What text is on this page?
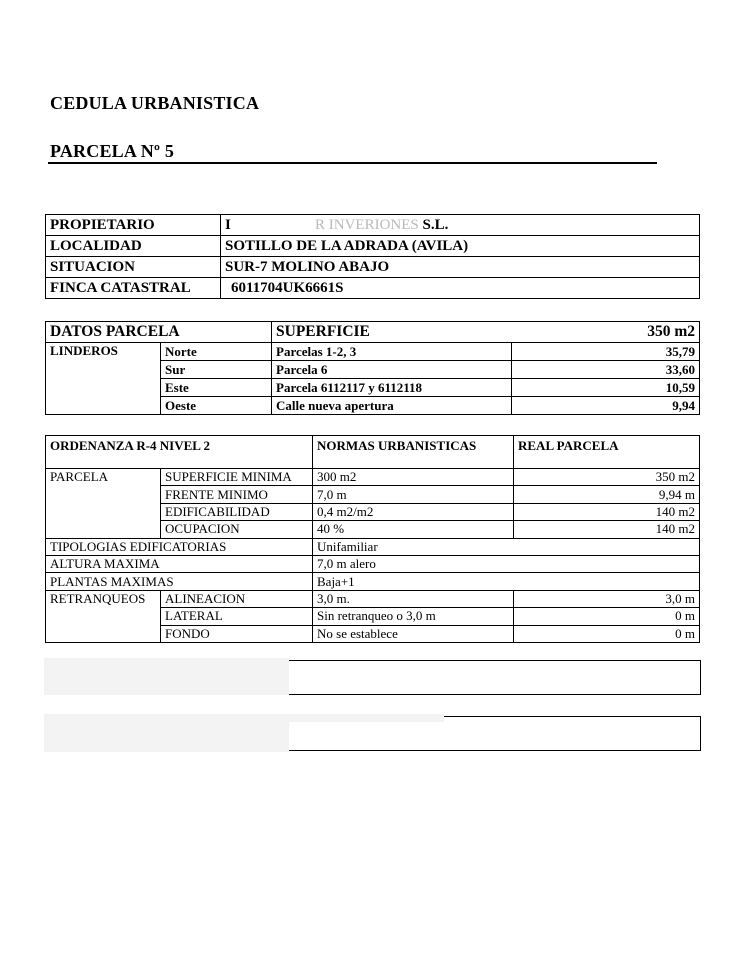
CEDULA URBANISTICA
PARCELA Nº 5
PROPIETARIO	I R INVERIONES S.L.
LOCALIDAD	SOTILLO DE LA ADRADA (AVILA)
SITUACION	SUR-7 MOLINO ABAJO
FINCA CATASTRAL	6011704UK6661S
DATOS PARCELA		SUPERFICIE 350 m2	

LINDEROS	Norte	Parcelas 1-2, 3	35,79
	Sur	Parcela 6	33,60
	Este	Parcela 6112117 y 6112118	10,59
	Oeste	Calle nueva apertura	9,94
ORDENANZA R-4 NIVEL 2		NORMAS URBANISTICAS	REAL PARCELA
PARCELA	SUPERFICIE MINIMA	300 m2	350 m2
	FRENTE MINIMO	7,0 m	9,94 m
	EDIFICABILIDAD	0,4 m2/m2	140 m2
	OCUPACION	40 %	140 m2
TIPOLOGIAS EDIFICATORIAS		Unifamiliar	
ALTURA MAXIMA		7,0 m alero	
PLANTAS MAXIMAS		Baja+1	
RETRANQUEOS	ALINEACION	3,0 m.	3,0 m
	LATERAL	Sin retranqueo o 3,0 m	0 m
	FONDO	No se establece	0 m
